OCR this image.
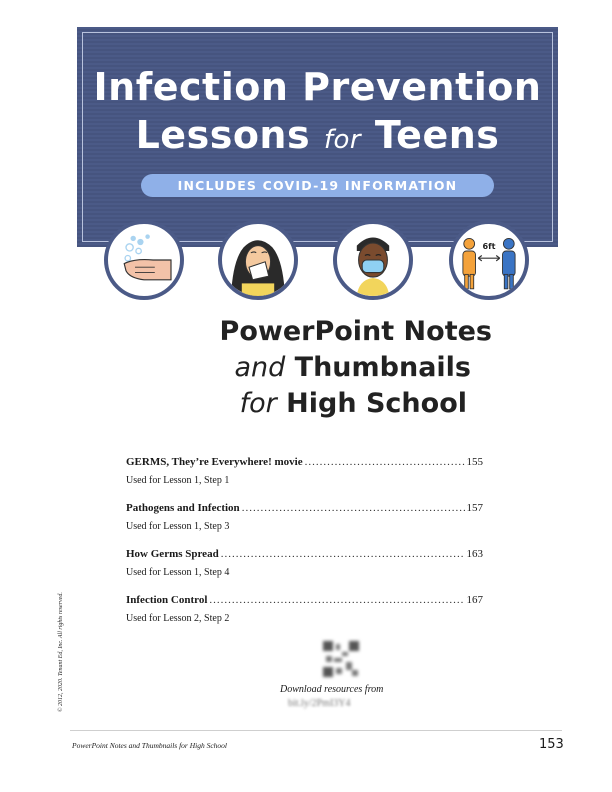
Infection Prevention
Lessons for Teens
INCLUDES COVID-19 INFORMATION
6ft
PowerPoint Notes
and Thumbnails
for High School
GERMS, They’re Everywhere! movie .....	155
Used for Lesson 1, Step 1
Pathogens and Infection .....	157
Used for Lesson 1, Step 3
How Germs Spread .....	163
Used for Lesson 1, Step 4
Infection Control .....	167
Used for Lesson 2, Step 2
Download resources from
bit.ly/2PmI3Y4
© 2012, 2020. Tenant Ed, Inc. All rights reserved.
PowerPoint Notes and Thumbnails for High School	153
